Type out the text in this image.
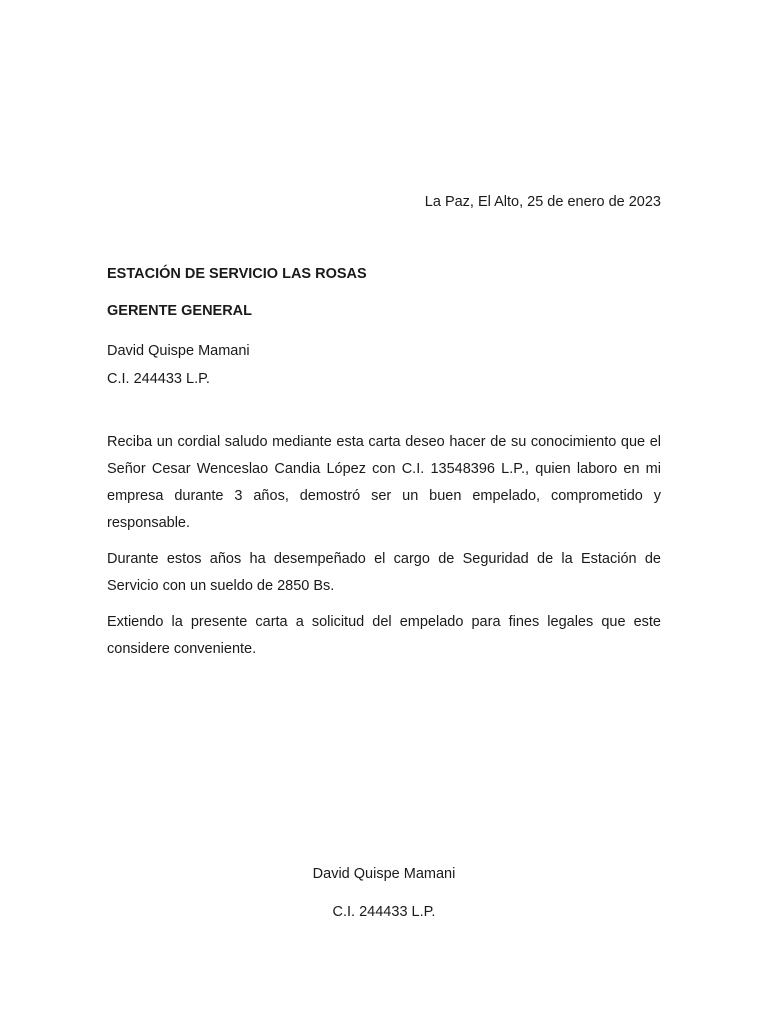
La Paz, El Alto, 25 de enero de 2023

ESTACIÓN DE SERVICIO LAS ROSAS

GERENTE GENERAL

David Quispe Mamani

C.I. 244433 L.P.

Reciba un cordial saludo mediante esta carta deseo hacer de su conocimiento que el Señor Cesar Wenceslao Candia López con C.I. 13548396 L.P., quien laboro en mi empresa durante 3 años, demostró ser un buen empelado, comprometido y responsable.

Durante estos años ha desempeñado el cargo de Seguridad de la Estación de Servicio con un sueldo de 2850 Bs.

Extiendo la presente carta a solicitud del empelado para fines legales que este considere conveniente.

David Quispe Mamani
C.I. 244433 L.P.
